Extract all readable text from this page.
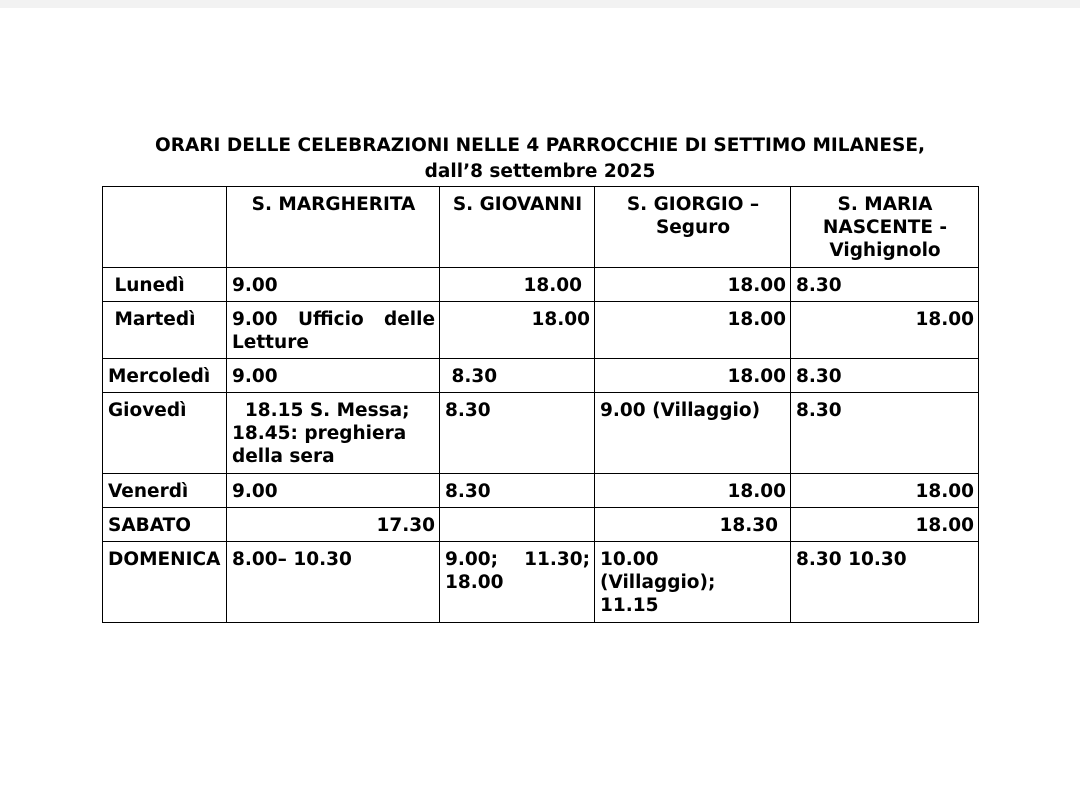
ORARI DELLE CELEBRAZIONI NELLE 4 PARROCCHIE DI SETTIMO MILANESE,
dall’8 settembre 2025
	S. MARGHERITA	S. GIOVANNI	S. GIORGIO – Seguro	S. MARIA NASCENTE - Vighignolo
Lunedì	9.00	18.00	18.00	8.30
Martedì	9.00 Ufficio delle Letture	18.00	18.00	18.00
Mercoledì	9.00	8.30	18.00	8.30
Giovedì	18.15 S. Messa; 18.45: preghiera della sera	8.30	9.00 (Villaggio)	8.30
Venerdì	9.00	8.30	18.00	18.00
SABATO	17.30		18.30	18.00
DOMENICA	8.00– 10.30	9.00; 11.30; 18.00	10.00 (Villaggio); 11.15	8.30 10.30
